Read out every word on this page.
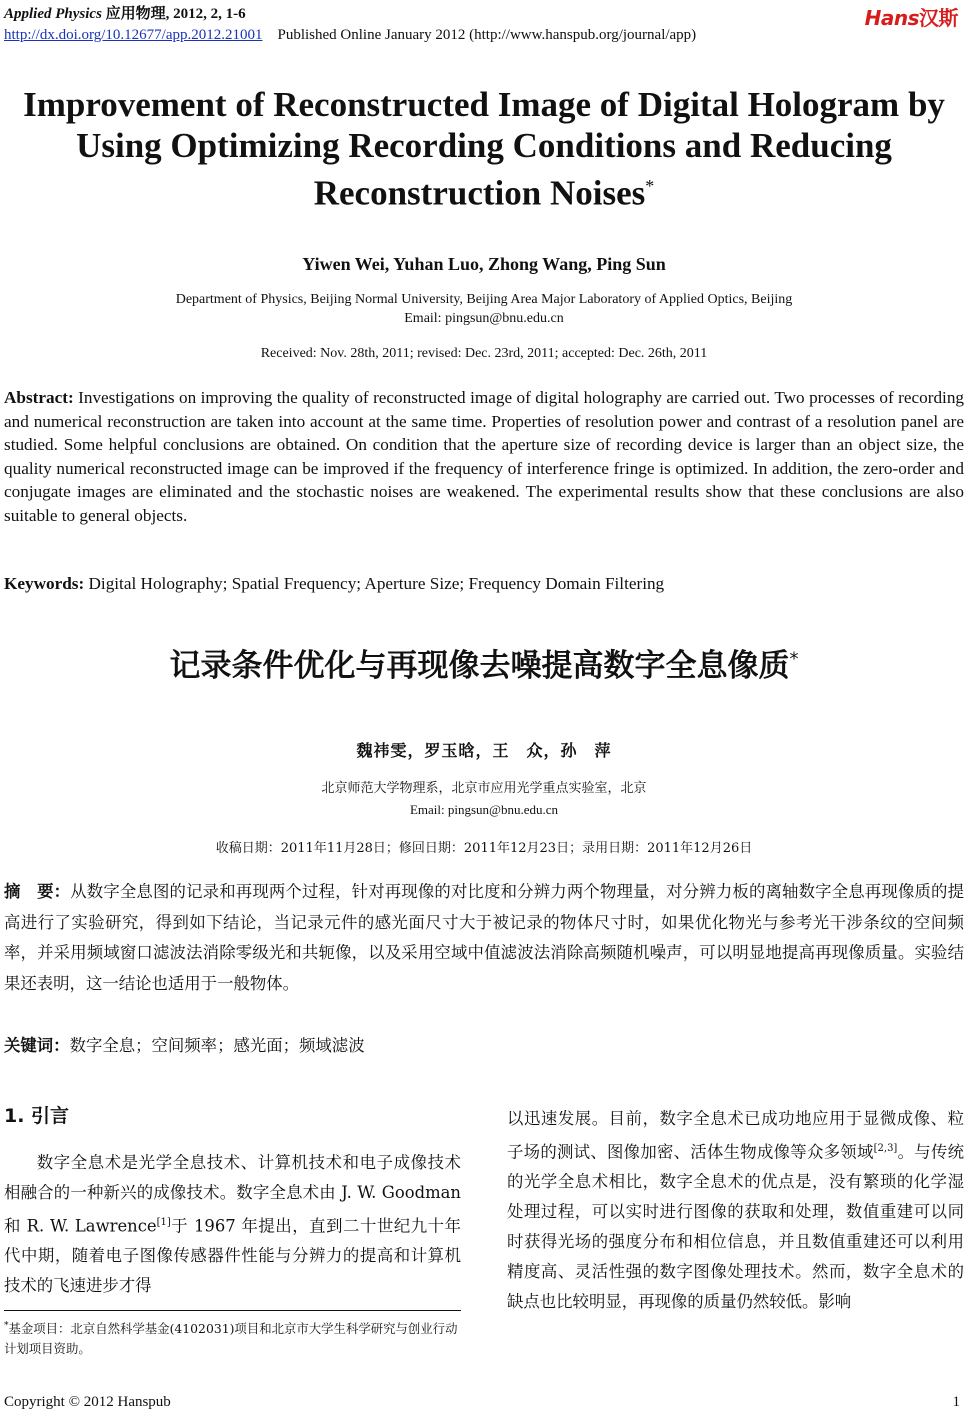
Applied Physics 应用物理, 2012, 2, 1-6
http://dx.doi.org/10.12677/app.2012.21001 Published Online January 2012 (http://www.hanspub.org/journal/app)
Hans汉斯
Improvement of Reconstructed Image of Digital Hologram by
Using Optimizing Recording Conditions and Reducing
Reconstruction Noises*
Yiwen Wei, Yuhan Luo, Zhong Wang, Ping Sun
Department of Physics, Beijing Normal University, Beijing Area Major Laboratory of Applied Optics, Beijing
Email: pingsun@bnu.edu.cn
Received: Nov. 28th, 2011; revised: Dec. 23rd, 2011; accepted: Dec. 26th, 2011
Abstract: Investigations on improving the quality of reconstructed image of digital holography are carried out. Two processes of recording and numerical reconstruction are taken into account at the same time. Properties of resolution power and contrast of a resolution panel are studied. Some helpful conclusions are obtained. On condition that the aperture size of recording device is larger than an object size, the quality numerical reconstructed image can be improved if the frequency of interference fringe is optimized. In addition, the zero-order and conjugate images are eliminated and the stochastic noises are weakened. The experimental results show that these conclusions are also suitable to general objects.
Keywords: Digital Holography; Spatial Frequency; Aperture Size; Frequency Domain Filtering
记录条件优化与再现像去噪提高数字全息像质*
魏祎雯，罗玉晗，王　众，孙　萍
北京师范大学物理系，北京市应用光学重点实验室，北京
Email: pingsun@bnu.edu.cn
收稿日期：2011年11月28日；修回日期：2011年12月23日；录用日期：2011年12月26日
摘　要：从数字全息图的记录和再现两个过程，针对再现像的对比度和分辨力两个物理量，对分辨力板的离轴数字全息再现像质的提高进行了实验研究，得到如下结论，当记录元件的感光面尺寸大于被记录的物体尺寸时，如果优化物光与参考光干涉条纹的空间频率，并采用频域窗口滤波法消除零级光和共轭像，以及采用空域中值滤波法消除高频随机噪声，可以明显地提高再现像质量。实验结果还表明，这一结论也适用于一般物体。
关键词：数字全息；空间频率；感光面；频域滤波
1. 引言
数字全息术是光学全息技术、计算机技术和电子成像技术相融合的一种新兴的成像技术。数字全息术由 J. W. Goodman 和 R. W. Lawrence[1]于 1967 年提出，直到二十世纪九十年代中期，随着电子图像传感器件性能与分辨力的提高和计算机技术的飞速进步才得
以迅速发展。目前，数字全息术已成功地应用于显微成像、粒子场的测试、图像加密、活体生物成像等众多领域[2,3]。与传统的光学全息术相比，数字全息术的优点是，没有繁琐的化学湿处理过程，可以实时进行图像的获取和处理，数值重建可以同时获得光场的强度分布和相位信息，并且数值重建还可以利用精度高、灵活性强的数字图像处理技术。然而，数字全息术的缺点也比较明显，再现像的质量仍然较低。影响
*基金项目：北京自然科学基金(4102031)项目和北京市大学生科学研究与创业行动计划项目资助。
Copyright © 2012 Hanspub	1
